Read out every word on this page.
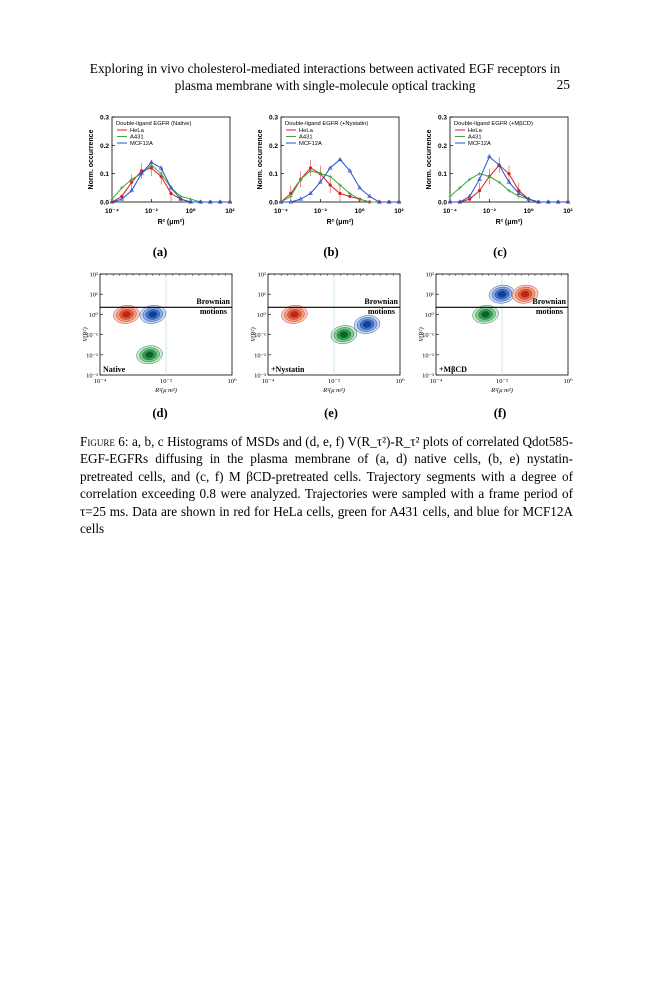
Exploring in vivo cholesterol-mediated interactions between activated EGF receptors in
plasma membrane with single-molecule optical tracking	25
0.0
0.1
0.2
0.3
10⁻⁴	10⁻²	10⁰	10²
R² (μm²)
Norm. occurrence
Double-ligand EGFR (Native)
HeLa
A431
MCF12A
0.0
0.1
0.2
0.3
10⁻⁴	10⁻²	10⁰	10²
R² (μm²)
Norm. occurrence
Double-ligand EGFR (+Nystatin)
HeLa
A431
MCF12A
0.0
0.1
0.2
0.3
10⁻⁴	10⁻²	10⁰	10²
R² (μm²)
Norm. occurrence
Double-ligand EGFR (+MβCD)
HeLa
A431
MCF12A
10⁻³
10⁻²
10⁻¹
10⁰
10¹
10²
10⁻⁴	10⁻²	10⁰
R²(μ m²)
V(R²)
Brownian
motions
Native
10⁻³
10⁻²
10⁻¹
10⁰
10¹
10²
10⁻⁴	10⁻²	10⁰
R²(μ m²)
V(R²)
Brownian
motions
+Nystatin
10⁻³
10⁻²
10⁻¹
10⁰
10¹
10²
10⁻⁴	10⁻²	10⁰
R²(μ m²)
V(R²)
Brownian
motions
+MβCD
(a)	(b)	(c)
(d)	(e)	(f)
Figure 6: a, b, c Histograms of MSDs and (d, e, f) V(R_τ²)-R_τ² plots of correlated Qdot585-EGF-EGFRs diffusing in the plasma membrane of (a, d) native cells, (b, e) nystatin-pretreated cells, and (c, f) M βCD-pretreated cells. Trajectory segments with a degree of correlation exceeding 0.8 were analyzed. Trajectories were sampled with a frame period of τ=25 ms. Data are shown in red for HeLa cells, green for A431 cells, and blue for MCF12A cells
